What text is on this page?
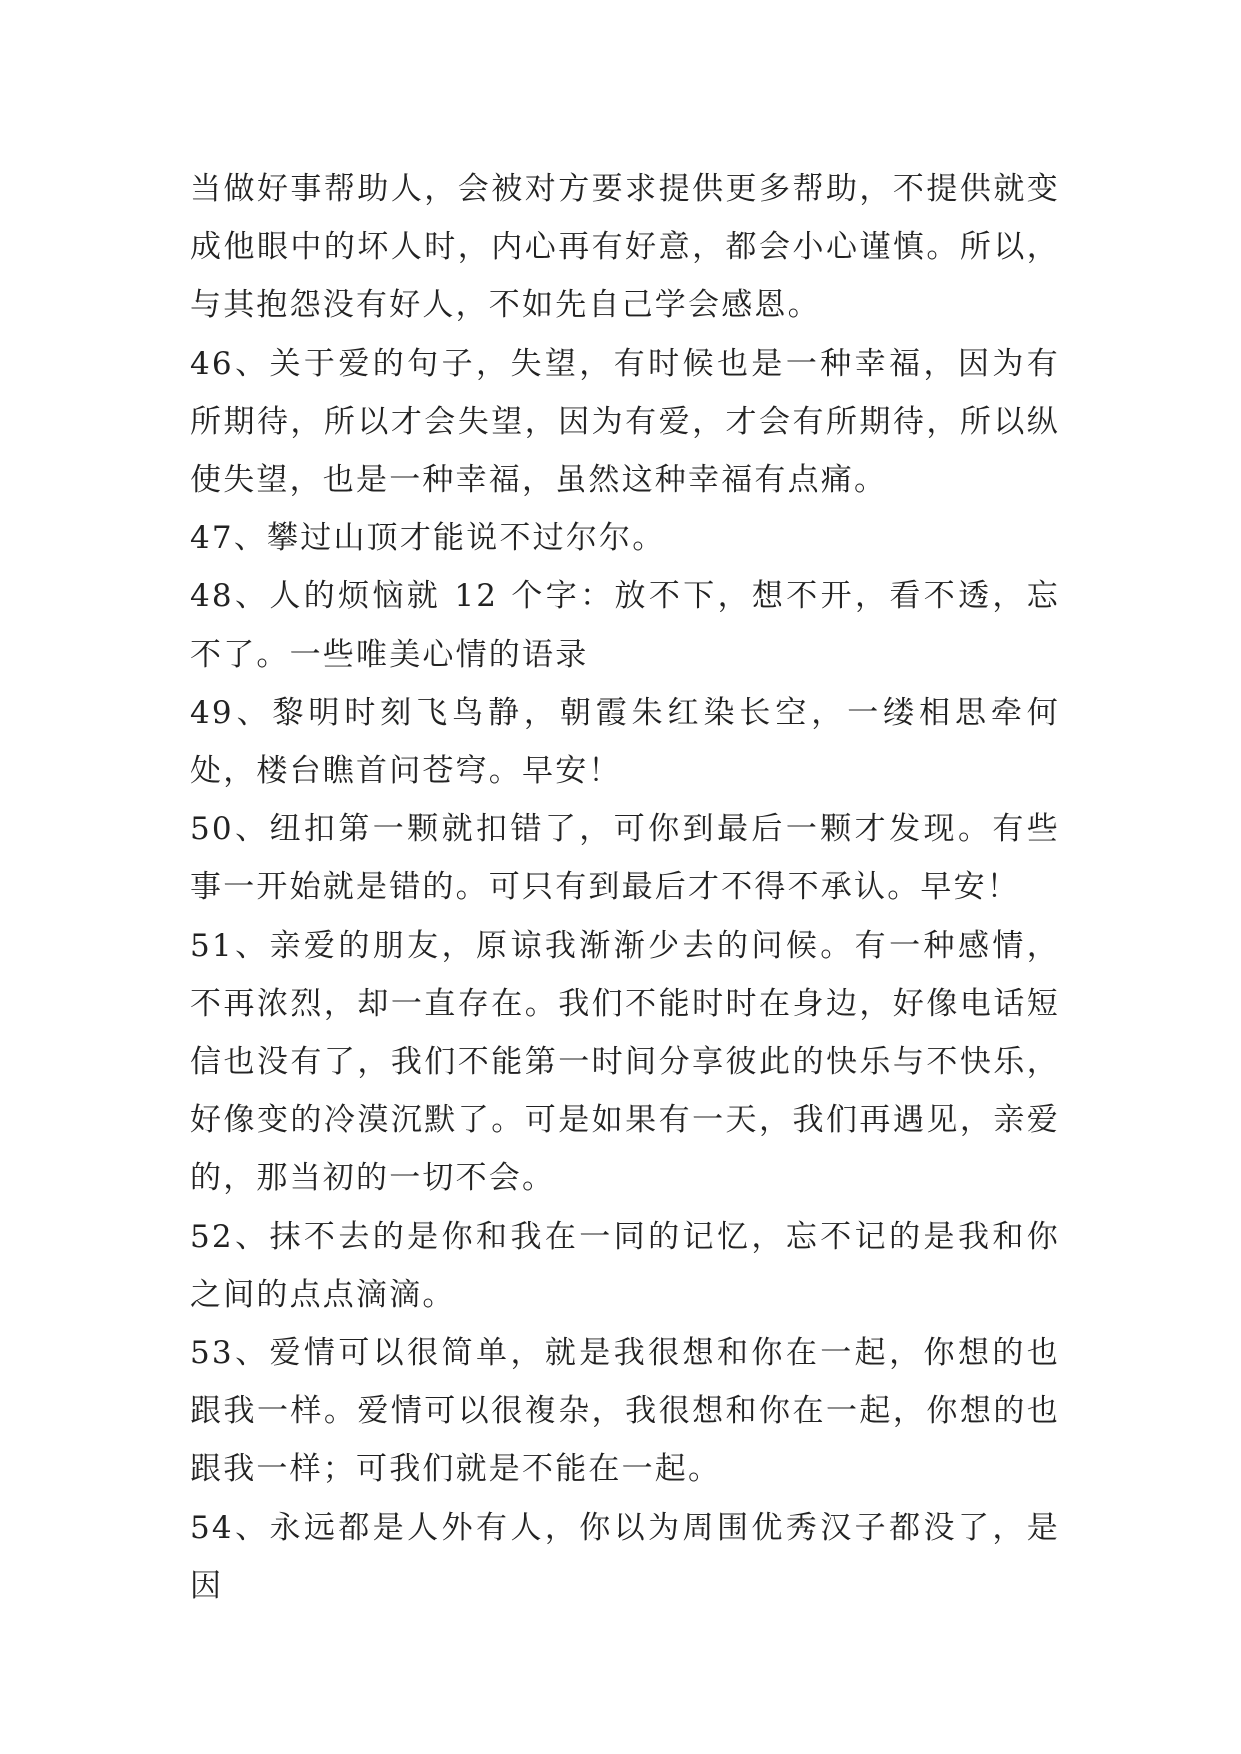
当做好事帮助人，会被对方要求提供更多帮助，不提供就变成他眼中的坏人时，内心再有好意，都会小心谨慎。所以，与其抱怨没有好人，不如先自己学会感恩。

46、关于爱的句子，失望，有时候也是一种幸福，因为有所期待，所以才会失望，因为有爱，才会有所期待，所以纵使失望，也是一种幸福，虽然这种幸福有点痛。

47、攀过山顶才能说不过尔尔。

48、人的烦恼就 12 个字：放不下，想不开，看不透，忘不了。一些唯美心情的语录

49、黎明时刻飞鸟静，朝霞朱红染长空，一缕相思牵何处，楼台瞧首问苍穹。早安！

50、纽扣第一颗就扣错了，可你到最后一颗才发现。有些事一开始就是错的。可只有到最后才不得不承认。早安！

51、亲爱的朋友，原谅我渐渐少去的问候。有一种感情，不再浓烈，却一直存在。我们不能时时在身边，好像电话短信也没有了，我们不能第一时间分享彼此的快乐与不快乐，好像变的冷漠沉默了。可是如果有一天，我们再遇见，亲爱的，那当初的一切不会。

52、抹不去的是你和我在一同的记忆，忘不记的是我和你之间的点点滴滴。

53、爱情可以很简单，就是我很想和你在一起，你想的也跟我一样。爱情可以很複杂，我很想和你在一起，你想的也跟我一样；可我们就是不能在一起。

54、永远都是人外有人，你以为周围优秀汉子都没了，是因
